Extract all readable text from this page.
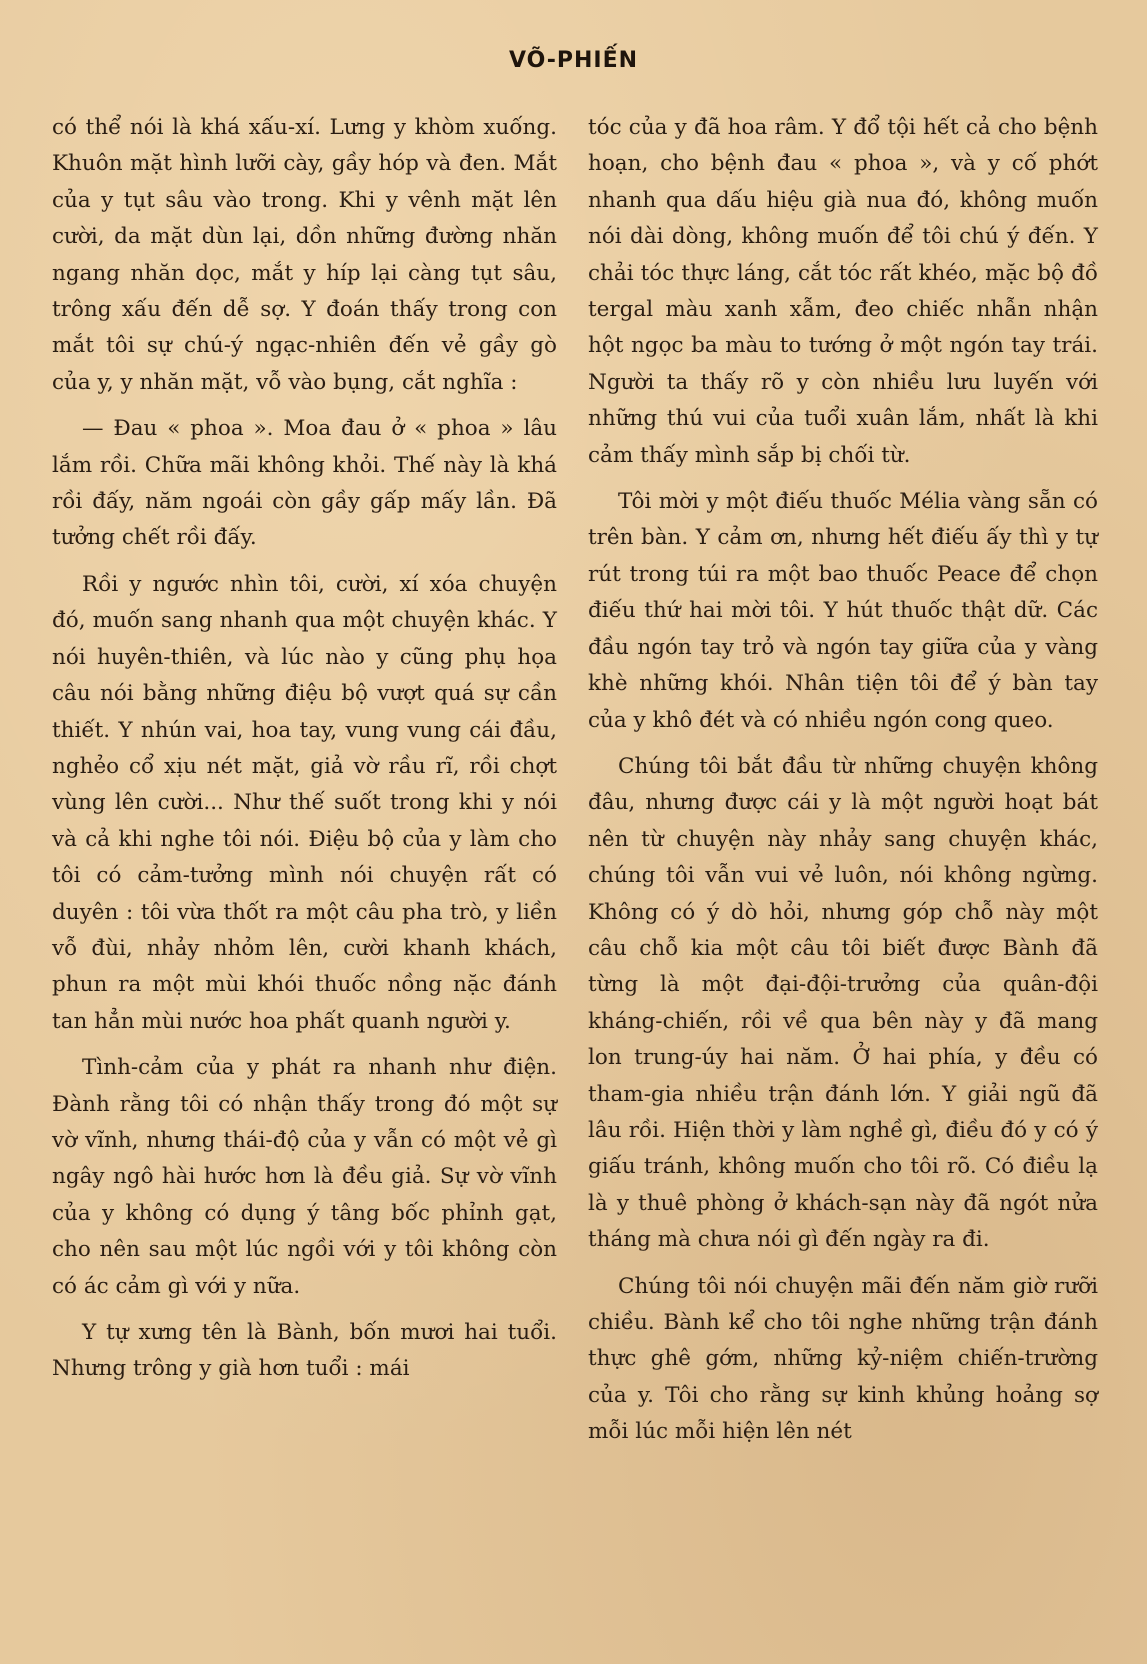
VÕ-PHIẾN

có thể nói là khá xấu-xí. Lưng y khòm xuống. Khuôn mặt hình lưỡi cày, gầy hóp và đen. Mắt của y tụt sâu vào trong. Khi y vênh mặt lên cười, da mặt dùn lại, dồn những đường nhăn ngang nhăn dọc, mắt y híp lại càng tụt sâu, trông xấu đến dễ sợ. Y đoán thấy trong con mắt tôi sự chú-ý ngạc-nhiên đến vẻ gầy gò của y, y nhăn mặt, vỗ vào bụng, cắt nghĩa :

— Đau « phoa ». Moa đau ở « phoa » lâu lắm rồi. Chữa mãi không khỏi. Thế này là khá rồi đấy, năm ngoái còn gầy gấp mấy lần. Đã tưởng chết rồi đấy.

Rồi y ngước nhìn tôi, cười, xí xóa chuyện đó, muốn sang nhanh qua một chuyện khác. Y nói huyên-thiên, và lúc nào y cũng phụ họa câu nói bằng những điệu bộ vượt quá sự cần thiết. Y nhún vai, hoa tay, vung vung cái đầu, nghẻo cổ xịu nét mặt, giả vờ rầu rĩ, rồi chợt vùng lên cười... Như thế suốt trong khi y nói và cả khi nghe tôi nói. Điệu bộ của y làm cho tôi có cảm-tưởng mình nói chuyện rất có duyên : tôi vừa thốt ra một câu pha trò, y liền vỗ đùi, nhảy nhỏm lên, cười khanh khách, phun ra một mùi khói thuốc nồng nặc đánh tan hẳn mùi nước hoa phất quanh người y.

Tình-cảm của y phát ra nhanh như điện. Đành rằng tôi có nhận thấy trong đó một sự vờ vĩnh, nhưng thái-độ của y vẫn có một vẻ gì ngây ngô hài hước hơn là đều giả. Sự vờ vĩnh của y không có dụng ý tâng bốc phỉnh gạt, cho nên sau một lúc ngồi với y tôi không còn có ác cảm gì với y nữa.

Y tự xưng tên là Bành, bốn mươi hai tuổi. Nhưng trông y già hơn tuổi : mái

tóc của y đã hoa râm. Y đổ tội hết cả cho bệnh hoạn, cho bệnh đau « phoa », và y cố phớt nhanh qua dấu hiệu già nua đó, không muốn nói dài dòng, không muốn để tôi chú ý đến. Y chải tóc thực láng, cắt tóc rất khéo, mặc bộ đồ tergal màu xanh xẫm, đeo chiếc nhẫn nhận hột ngọc ba màu to tướng ở một ngón tay trái. Người ta thấy rõ y còn nhiều lưu luyến với những thú vui của tuổi xuân lắm, nhất là khi cảm thấy mình sắp bị chối từ.

Tôi mời y một điếu thuốc Mélia vàng sẵn có trên bàn. Y cảm ơn, nhưng hết điếu ấy thì y tự rút trong túi ra một bao thuốc Peace để chọn điếu thứ hai mời tôi. Y hút thuốc thật dữ. Các đầu ngón tay trỏ và ngón tay giữa của y vàng khè những khói. Nhân tiện tôi để ý bàn tay của y khô đét và có nhiều ngón cong queo.

Chúng tôi bắt đầu từ những chuyện không đâu, nhưng được cái y là một người hoạt bát nên từ chuyện này nhảy sang chuyện khác, chúng tôi vẫn vui vẻ luôn, nói không ngừng. Không có ý dò hỏi, nhưng góp chỗ này một câu chỗ kia một câu tôi biết được Bành đã từng là một đại-đội-trưởng của quân-đội kháng-chiến, rồi về qua bên này y đã mang lon trung-úy hai năm. Ở hai phía, y đều có tham-gia nhiều trận đánh lớn. Y giải ngũ đã lâu rồi. Hiện thời y làm nghề gì, điều đó y có ý giấu tránh, không muốn cho tôi rõ. Có điều lạ là y thuê phòng ở khách-sạn này đã ngót nửa tháng mà chưa nói gì đến ngày ra đi.

Chúng tôi nói chuyện mãi đến năm giờ rưỡi chiều. Bành kể cho tôi nghe những trận đánh thực ghê gớm, những kỷ-niệm chiến-trường của y. Tôi cho rằng sự kinh khủng hoảng sợ mỗi lúc mỗi hiện lên nét
